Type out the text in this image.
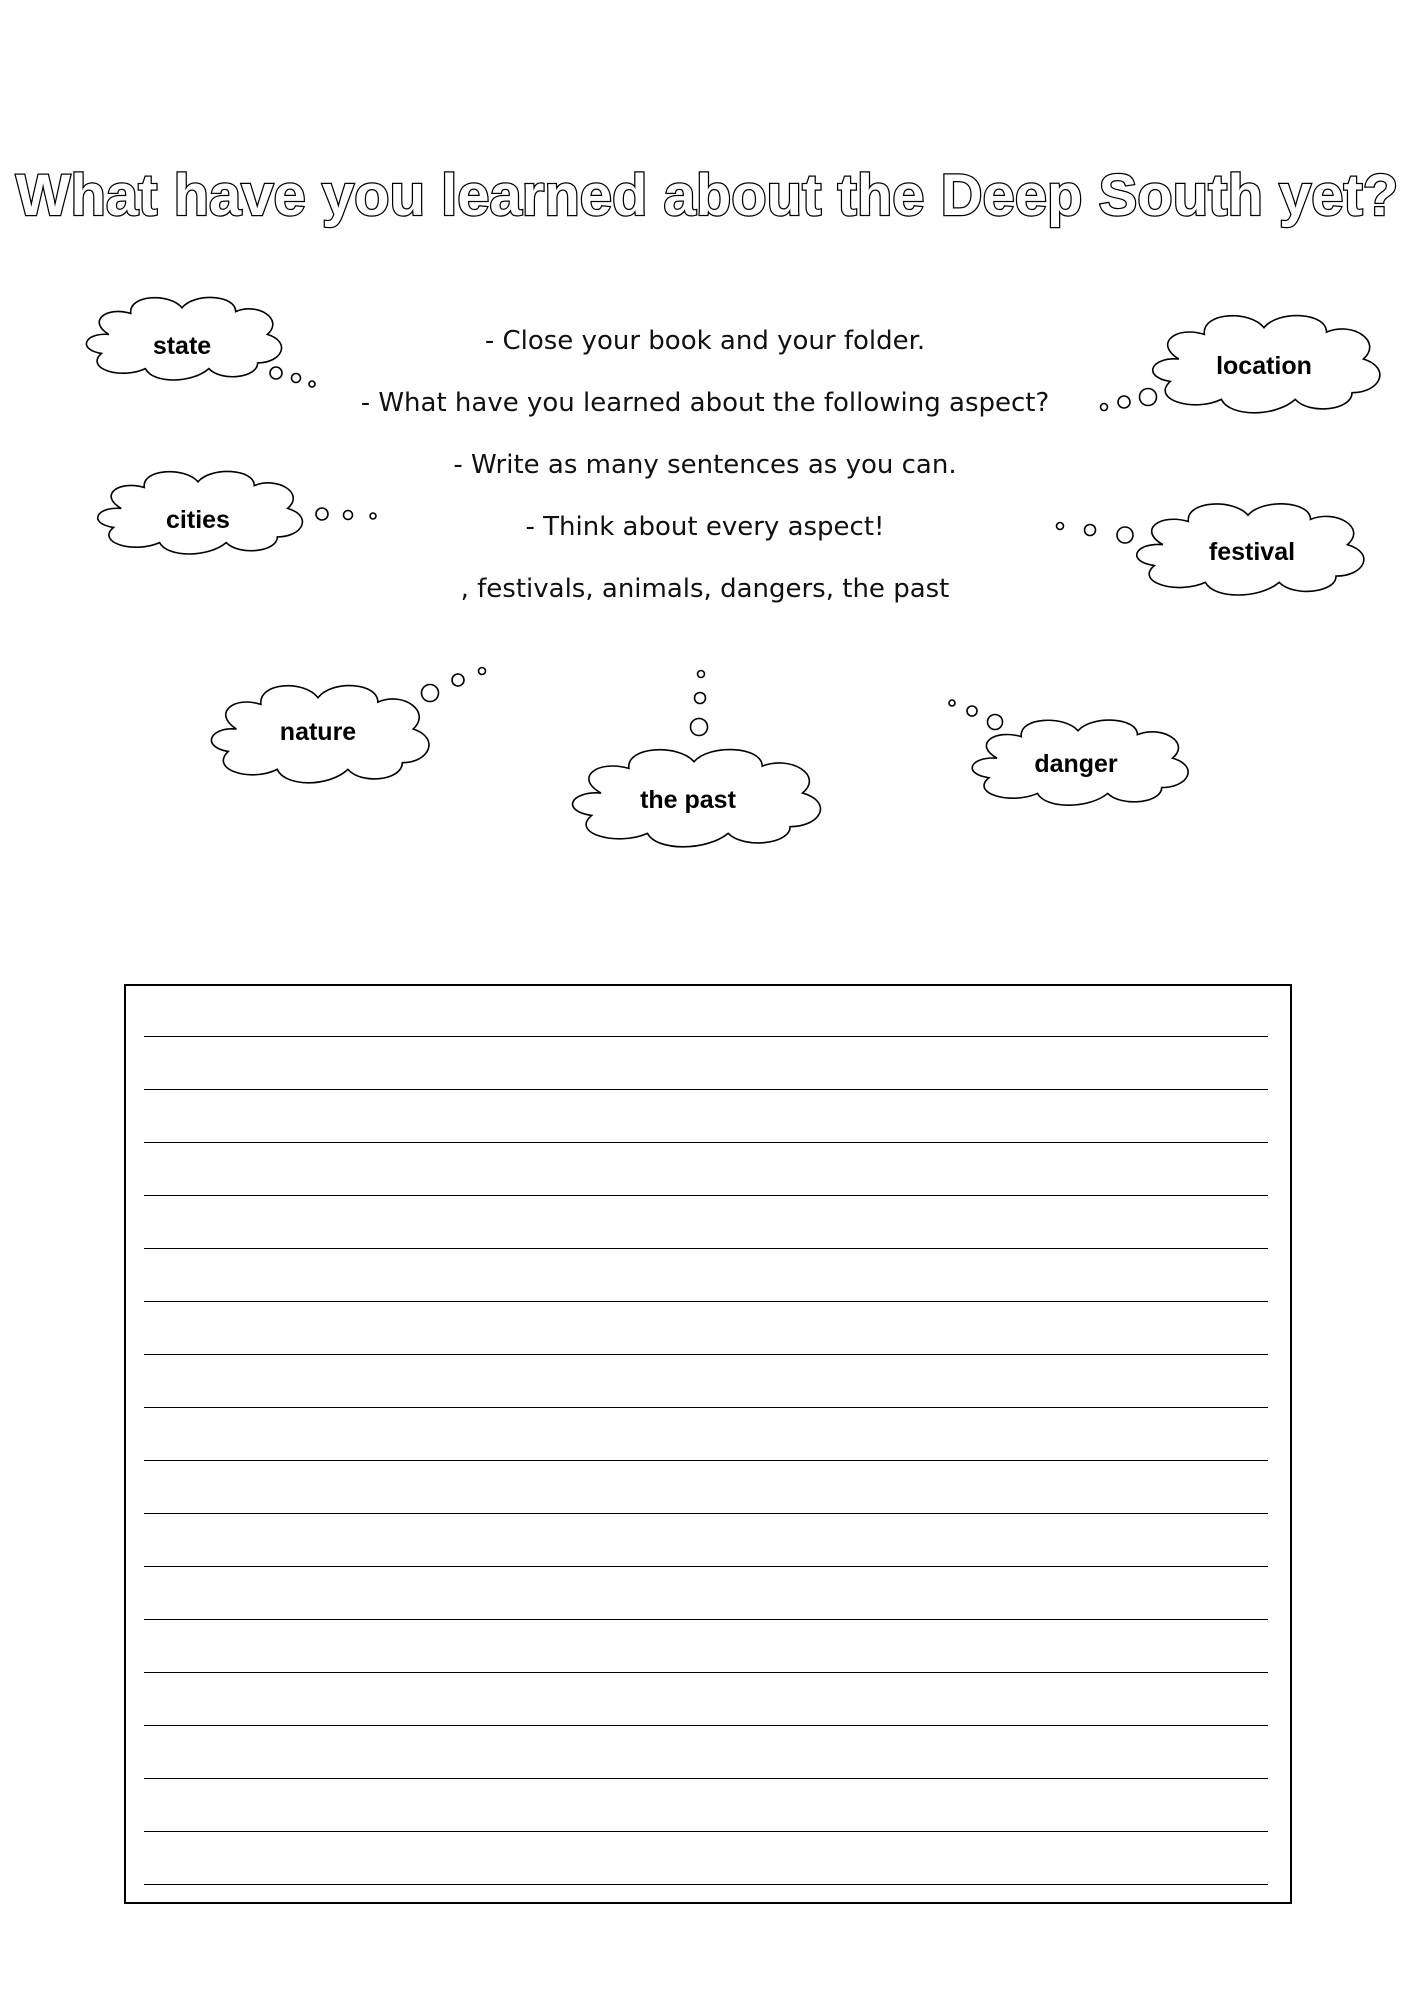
What have you learned about the Deep South yet?
- Close your book and your folder.
- What have you learned about the following aspect?
- Write as many sentences as you can.
- Think about every aspect!
, festivals, animals, dangers, the past
state
cities
location
festival
nature
the past
danger
